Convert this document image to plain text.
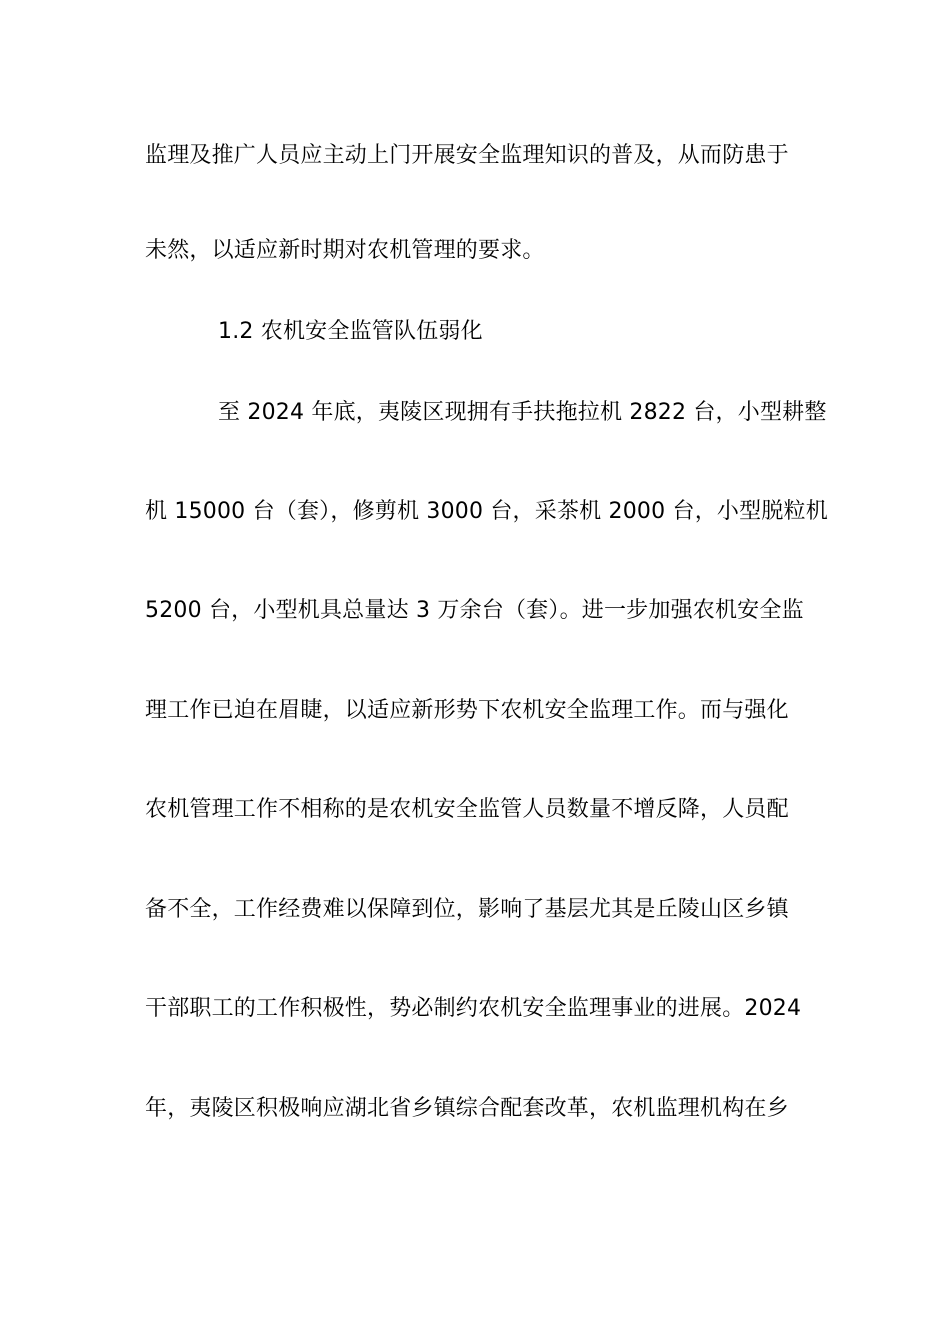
监理及推广人员应主动上门开展安全监理知识的普及，从而防患于
未然，以适应新时期对农机管理的要求。
1.2 农机安全监管队伍弱化
至 2024 年底，夷陵区现拥有手扶拖拉机 2822 台，小型耕整
机 15000 台（套），修剪机 3000 台，采茶机 2000 台，小型脱粒机
5200 台，小型机具总量达 3 万余台（套）。进一步加强农机安全监
理工作已迫在眉睫，以适应新形势下农机安全监理工作。而与强化
农机管理工作不相称的是农机安全监管人员数量不增反降，人员配
备不全，工作经费难以保障到位，影响了基层尤其是丘陵山区乡镇
干部职工的工作积极性，势必制约农机安全监理事业的进展。2024
年，夷陵区积极响应湖北省乡镇综合配套改革，农机监理机构在乡
